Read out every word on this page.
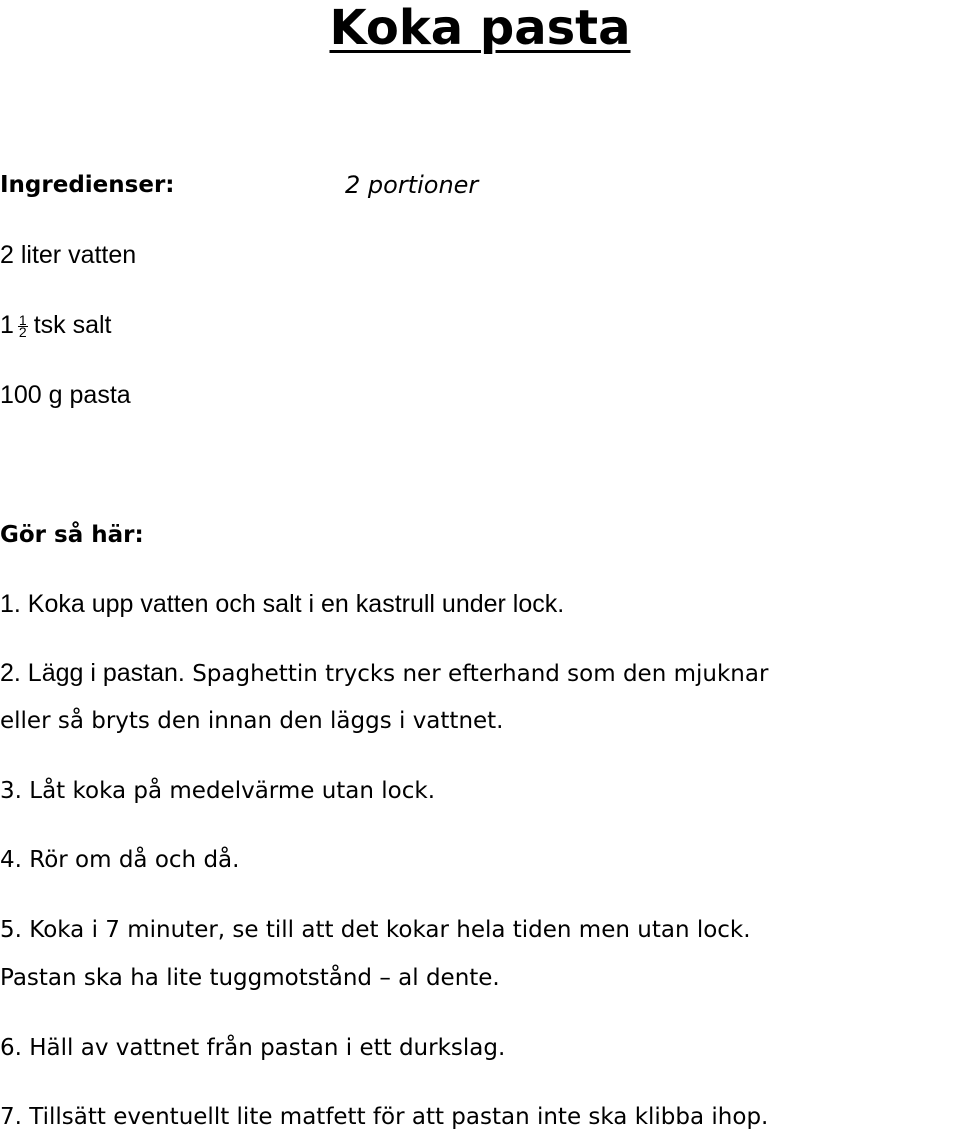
Koka pasta
Ingredienser:	2 portioner
2 liter vatten
$1 \frac{1}{2}$ tsk salt
100 g pasta
Gör så här:
1. Koka upp vatten och salt i en kastrull under lock.
2. Lägg i pastan. Spaghettin trycks ner efterhand som den mjuknar
eller så bryts den innan den läggs i vattnet.
3. Låt koka på medelvärme utan lock.
4. Rör om då och då.
5. Koka i 7 minuter, se till att det kokar hela tiden men utan lock.
Pastan ska ha lite tuggmotstånd – al dente.
6. Häll av vattnet från pastan i ett durkslag.
7. Tillsätt eventuellt lite matfett för att pastan inte ska klibba ihop.
